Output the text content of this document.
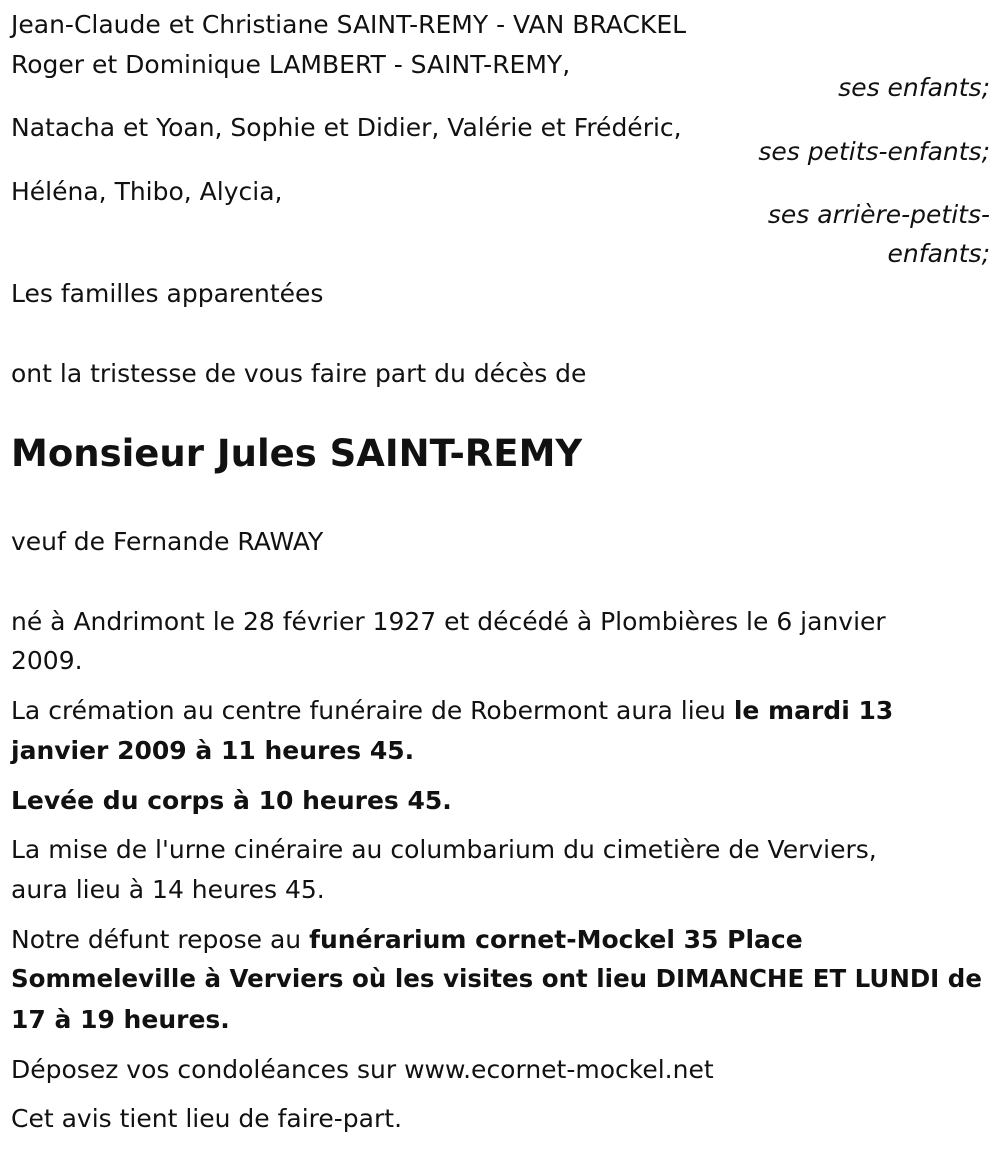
Jean-Claude et Christiane SAINT-REMY - VAN BRACKEL
Roger et Dominique LAMBERT - SAINT-REMY,
ses enfants;
Natacha et Yoan, Sophie et Didier, Valérie et Frédéric,
ses petits-enfants;
Héléna, Thibo, Alycia,
ses arrière-petits-
enfants;
Les familles apparentées
ont la tristesse de vous faire part du décès de
Monsieur Jules SAINT-REMY
veuf de Fernande RAWAY
né à Andrimont le 28 février 1927 et décédé à Plombières le 6 janvier
2009.
La crémation au centre funéraire de Robermont aura lieu le mardi 13
janvier 2009 à 11 heures 45.
Levée du corps à 10 heures 45.
La mise de l'urne cinéraire au columbarium du cimetière de Verviers,
aura lieu à 14 heures 45.
Notre défunt repose au funérarium cornet-Mockel 35 Place
Sommeleville à Verviers où les visites ont lieu DIMANCHE ET LUNDI de
17 à 19 heures.
Déposez vos condoléances sur www.ecornet-mockel.net
Cet avis tient lieu de faire-part.
